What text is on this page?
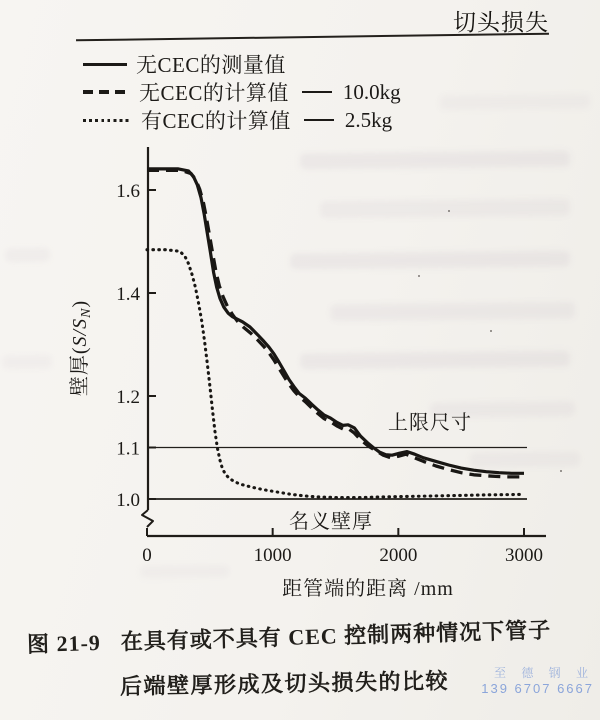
切头损失
无CEC的测量值
无CEC的计算值	10.0kg
有CEC的计算值	2.5kg
1.0
1.1
1.2
1.4
1.6
0	1000	2000	3000
上限尺寸
名义壁厚
距管端的距离 /mm
壁厚$(S/S_N)$
图 21-9 在具有或不具有 CEC 控制两种情况下管子
后端壁厚形成及切头损失的比较	至 德 钢 业
139 6707 6667
